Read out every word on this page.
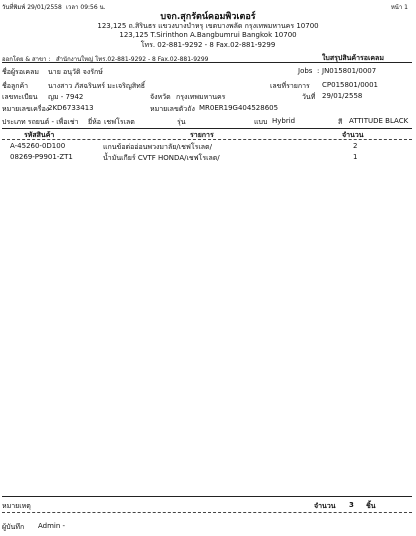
วันที่พิมพ์ 29/01/2558 เวลา 09:56 น.	หน้า 1
บจก.สุกรัตน์คอมพิวเตอร์
123,125 ถ.สิรินธร แขวงบางบำหรุ เขตบางพลัด กรุงเทพมหานคร 10700
123,125 T.Sirinthon A.Bangbumrui Bangkok 10700
โทร. 02-881-9292 - 8 Fax.02-881-9299
ออกโดย & สาขา : สำนักงานใหญ่ โทร.02-881-9292 - 8 Fax.02-881-9299	ใบสรุปสินค้ารอเคลม
ชื่อผู้รอเคลม นาย อนุวัติ จงรักษ์	Jobs : JN015801/0007
ชื่อลูกค้า	นางสาว ภัสฉรินทร์ มะเจริญสิทธิ์	เลขที่รายการ CP015801/0001
เลขทะเบียน ญม - 7942	จังหวัด กรุงเทพมหานคร	วันที่ 29/01/2558
หมายเลขเครื่อง
2KD6733413	หมายเลขตัวถัง MR0ER19G404528605
ประเภท รถยนต์ - เพื่อเช่า ยี่ห้อ เชฟโรเลต	รุ่น	แบบ Hybrid	สี ATTITUDE BLACK
รหัสสินค้า	รายการ	จำนวน
A-45260-0D100	แกนข้อต่ออ่อนพวงมาลัย/เชฟโรเลต/	2
08269-P9901-ZT1	น้ำมันเกียร์ CVTF HONDA/เชฟโรเลต/	1
หมายเหตุ	จำนวน 3 ชิ้น
ผู้บันทึก Admin -
